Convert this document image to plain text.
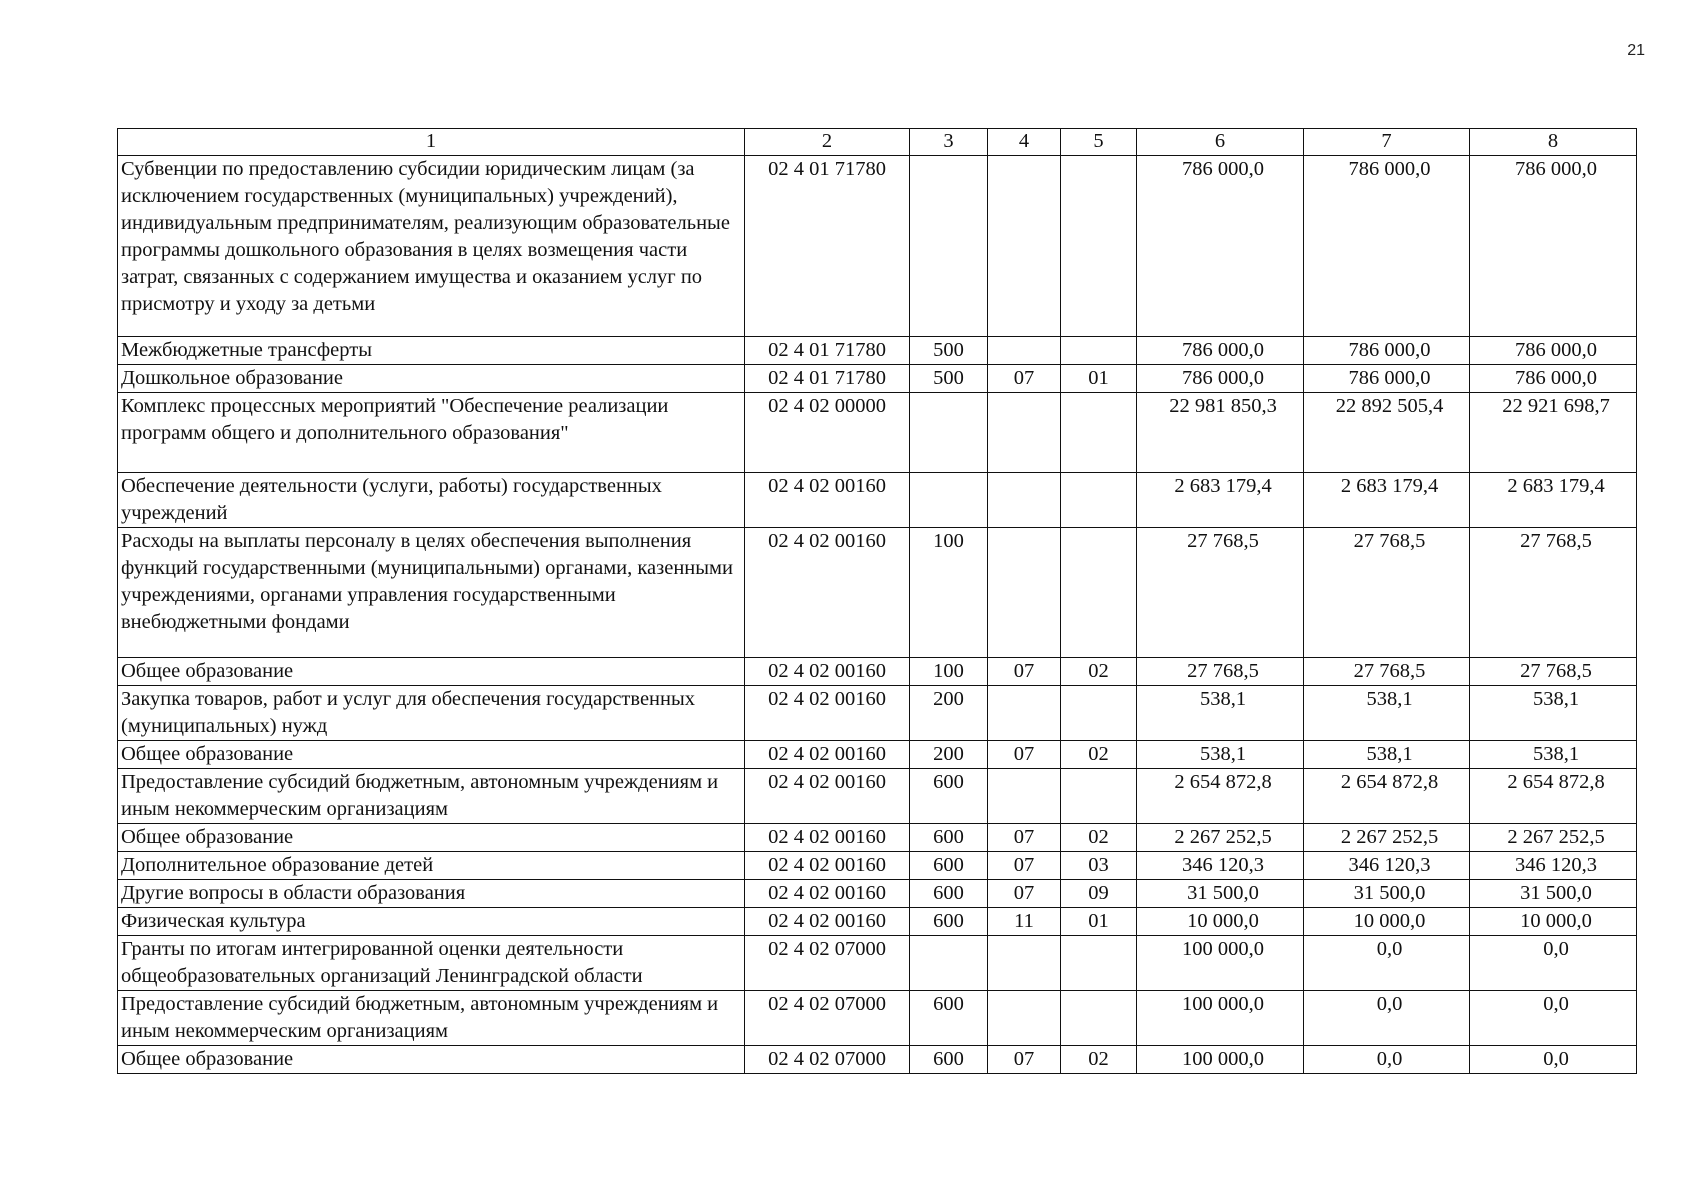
21
1	2	3	4	5	6	7	8
Субвенции по предоставлению субсидии юридическим лицам (за исключением государственных (муниципальных) учреждений), индивидуальным предпринимателям, реализующим образовательные программы дошкольного образования в целях возмещения части затрат, связанных с содержанием имущества и оказанием услуг по присмотру и уходу за детьми	02 4 01 71780				786 000,0	786 000,0	786 000,0
Межбюджетные трансферты	02 4 01 71780	500			786 000,0	786 000,0	786 000,0
Дошкольное образование	02 4 01 71780	500	07	01	786 000,0	786 000,0	786 000,0
Комплекс процессных мероприятий "Обеспечение реализации программ общего и дополнительного образования"	02 4 02 00000				22 981 850,3	22 892 505,4	22 921 698,7
Обеспечение деятельности (услуги, работы) государственных учреждений	02 4 02 00160				2 683 179,4	2 683 179,4	2 683 179,4
Расходы на выплаты персоналу в целях обеспечения выполнения функций государственными (муниципальными) органами, казенными учреждениями, органами управления государственными внебюджетными фондами	02 4 02 00160	100			27 768,5	27 768,5	27 768,5
Общее образование	02 4 02 00160	100	07	02	27 768,5	27 768,5	27 768,5
Закупка товаров, работ и услуг для обеспечения государственных (муниципальных) нужд	02 4 02 00160	200			538,1	538,1	538,1
Общее образование	02 4 02 00160	200	07	02	538,1	538,1	538,1
Предоставление субсидий бюджетным, автономным учреждениям и иным некоммерческим организациям	02 4 02 00160	600			2 654 872,8	2 654 872,8	2 654 872,8
Общее образование	02 4 02 00160	600	07	02	2 267 252,5	2 267 252,5	2 267 252,5
Дополнительное образование детей	02 4 02 00160	600	07	03	346 120,3	346 120,3	346 120,3
Другие вопросы в области образования	02 4 02 00160	600	07	09	31 500,0	31 500,0	31 500,0
Физическая культура	02 4 02 00160	600	11	01	10 000,0	10 000,0	10 000,0
Гранты по итогам интегрированной оценки деятельности общеобразовательных организаций Ленинградской области	02 4 02 07000				100 000,0	0,0	0,0
Предоставление субсидий бюджетным, автономным учреждениям и иным некоммерческим организациям	02 4 02 07000	600			100 000,0	0,0	0,0
Общее образование	02 4 02 07000	600	07	02	100 000,0	0,0	0,0
